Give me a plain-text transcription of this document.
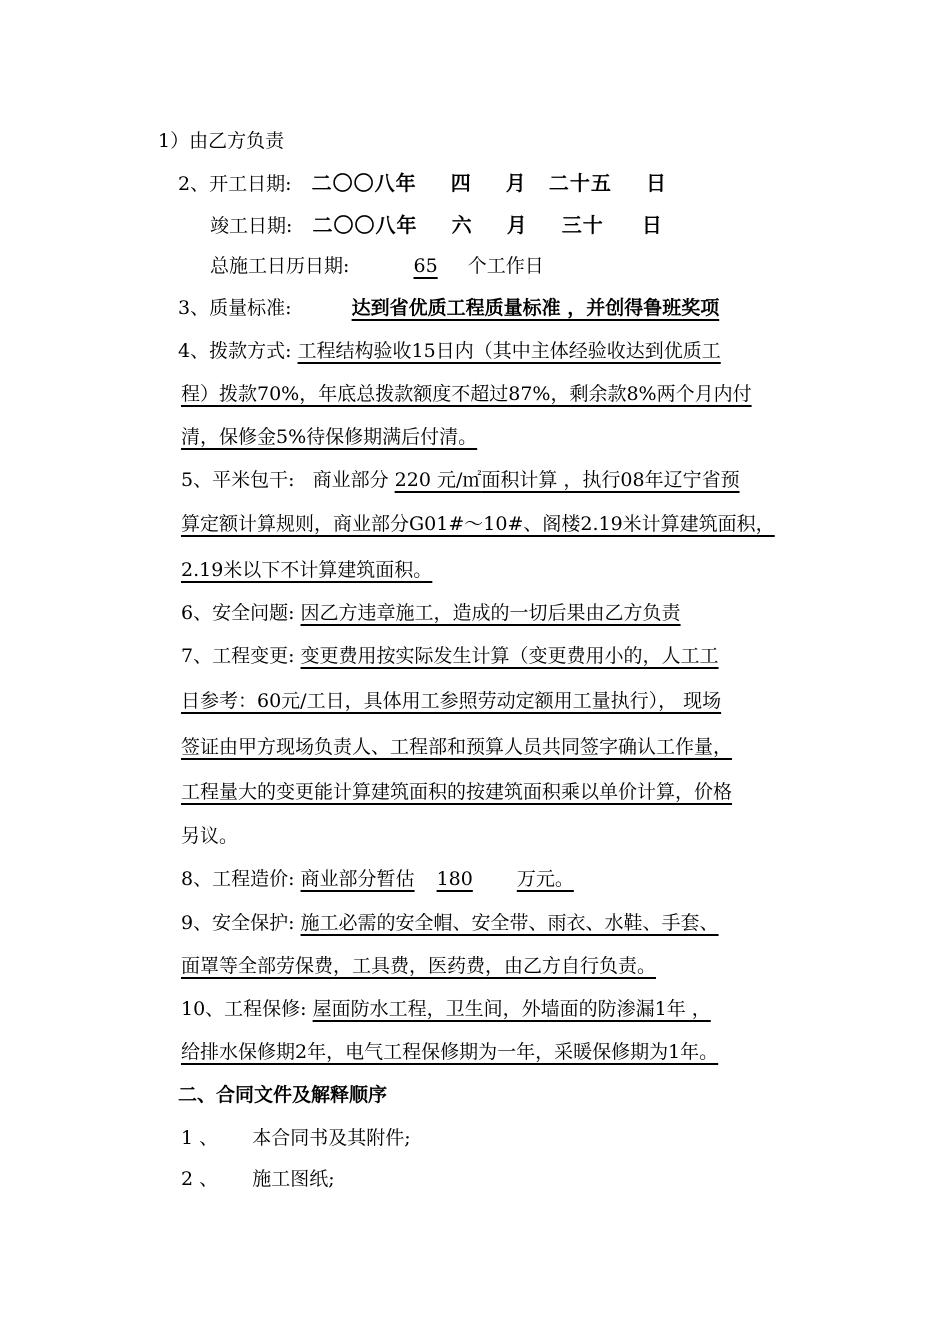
1）由乙方负责
2、开工日期: 二〇〇八年 四 月 二十五 日
竣工日期: 二〇〇八年 六 月 三十 日
总施工日历日期:	65 个工作日
3、质量标准:	达到省优质工程质量标准 ，并创得鲁班奖项
4、拨款方式: 工程结构验收15日内（其中主体经验收达到优质工
程）拨款70%，年底总拨款额度不超过87%，剩余款8%两个月内付
清，保修金5%待保修期满后付清。
5、平米包干: 商业部分 220 元/㎡面积计算 ，执行08年辽宁省预
算定额计算规则，商业部分G01#～10#、阁楼2.19米计算建筑面积，
2.19米以下不计算建筑面积。
6、安全问题: 因乙方违章施工，造成的一切后果由乙方负责
7、工程变更: 变更费用按实际发生计算（变更费用小的，人工工
日参考：60元/工日，具体用工参照劳动定额用工量执行）， 现场
签证由甲方现场负责人、工程部和预算人员共同签字确认工作量，
工程量大的变更能计算建筑面积的按建筑面积乘以单价计算，价格
另议。
8、工程造价: 商业部分暂估 180 万元。
9、安全保护: 施工必需的安全帽、安全带、雨衣、水鞋、手套、
面罩等全部劳保费，工具费，医药费，由乙方自行负责。
10、工程保修: 屋面防水工程，卫生间，外墙面的防渗漏1年 ，
给排水保修期2年，电气工程保修期为一年，采暖保修期为1年。
二、合同文件及解释顺序
1 、 本合同书及其附件;
2 、 施工图纸;
